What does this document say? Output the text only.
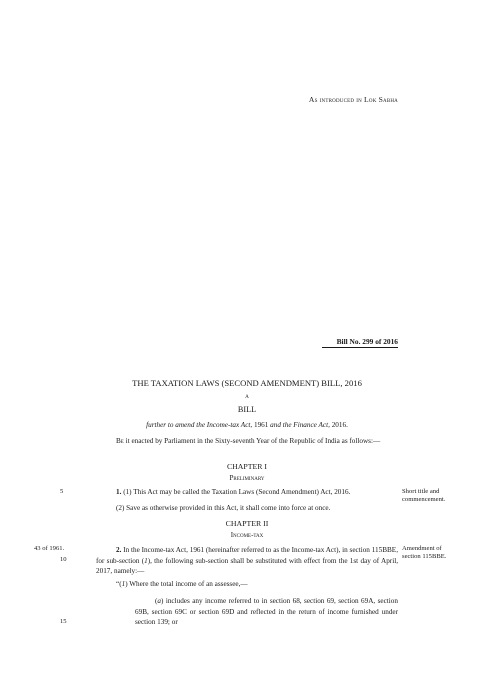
As introduced in Lok Sabha
Bill No. 299 of 2016
THE TAXATION LAWS (SECOND AMENDMENT) BILL, 2016
A
BILL
further to amend the Income-tax Act, 1961 and the Finance Act, 2016.
Be it enacted by Parliament in the Sixty-seventh Year of the Republic of India as follows:—
CHAPTER I
Preliminary
1. (1) This Act may be called the Taxation Laws (Second Amendment) Act, 2016.
(2) Save as otherwise provided in this Act, it shall come into force at once.
CHAPTER II
Income-tax
2. In the Income-tax Act, 1961 (hereinafter referred to as the Income-tax Act), in section 115BBE, for sub-section (1), the following sub-section shall be substituted with effect from the 1st day of April, 2017, namely:—
“(1) Where the total income of an assessee,—
(a) includes any income referred to in section 68, section 69, section 69A, section 69B, section 69C or section 69D and reflected in the return of income furnished under section 139; or
Short title and commencement.
Amendment of section 115BBE.
43 of 1961.
5
10
15
